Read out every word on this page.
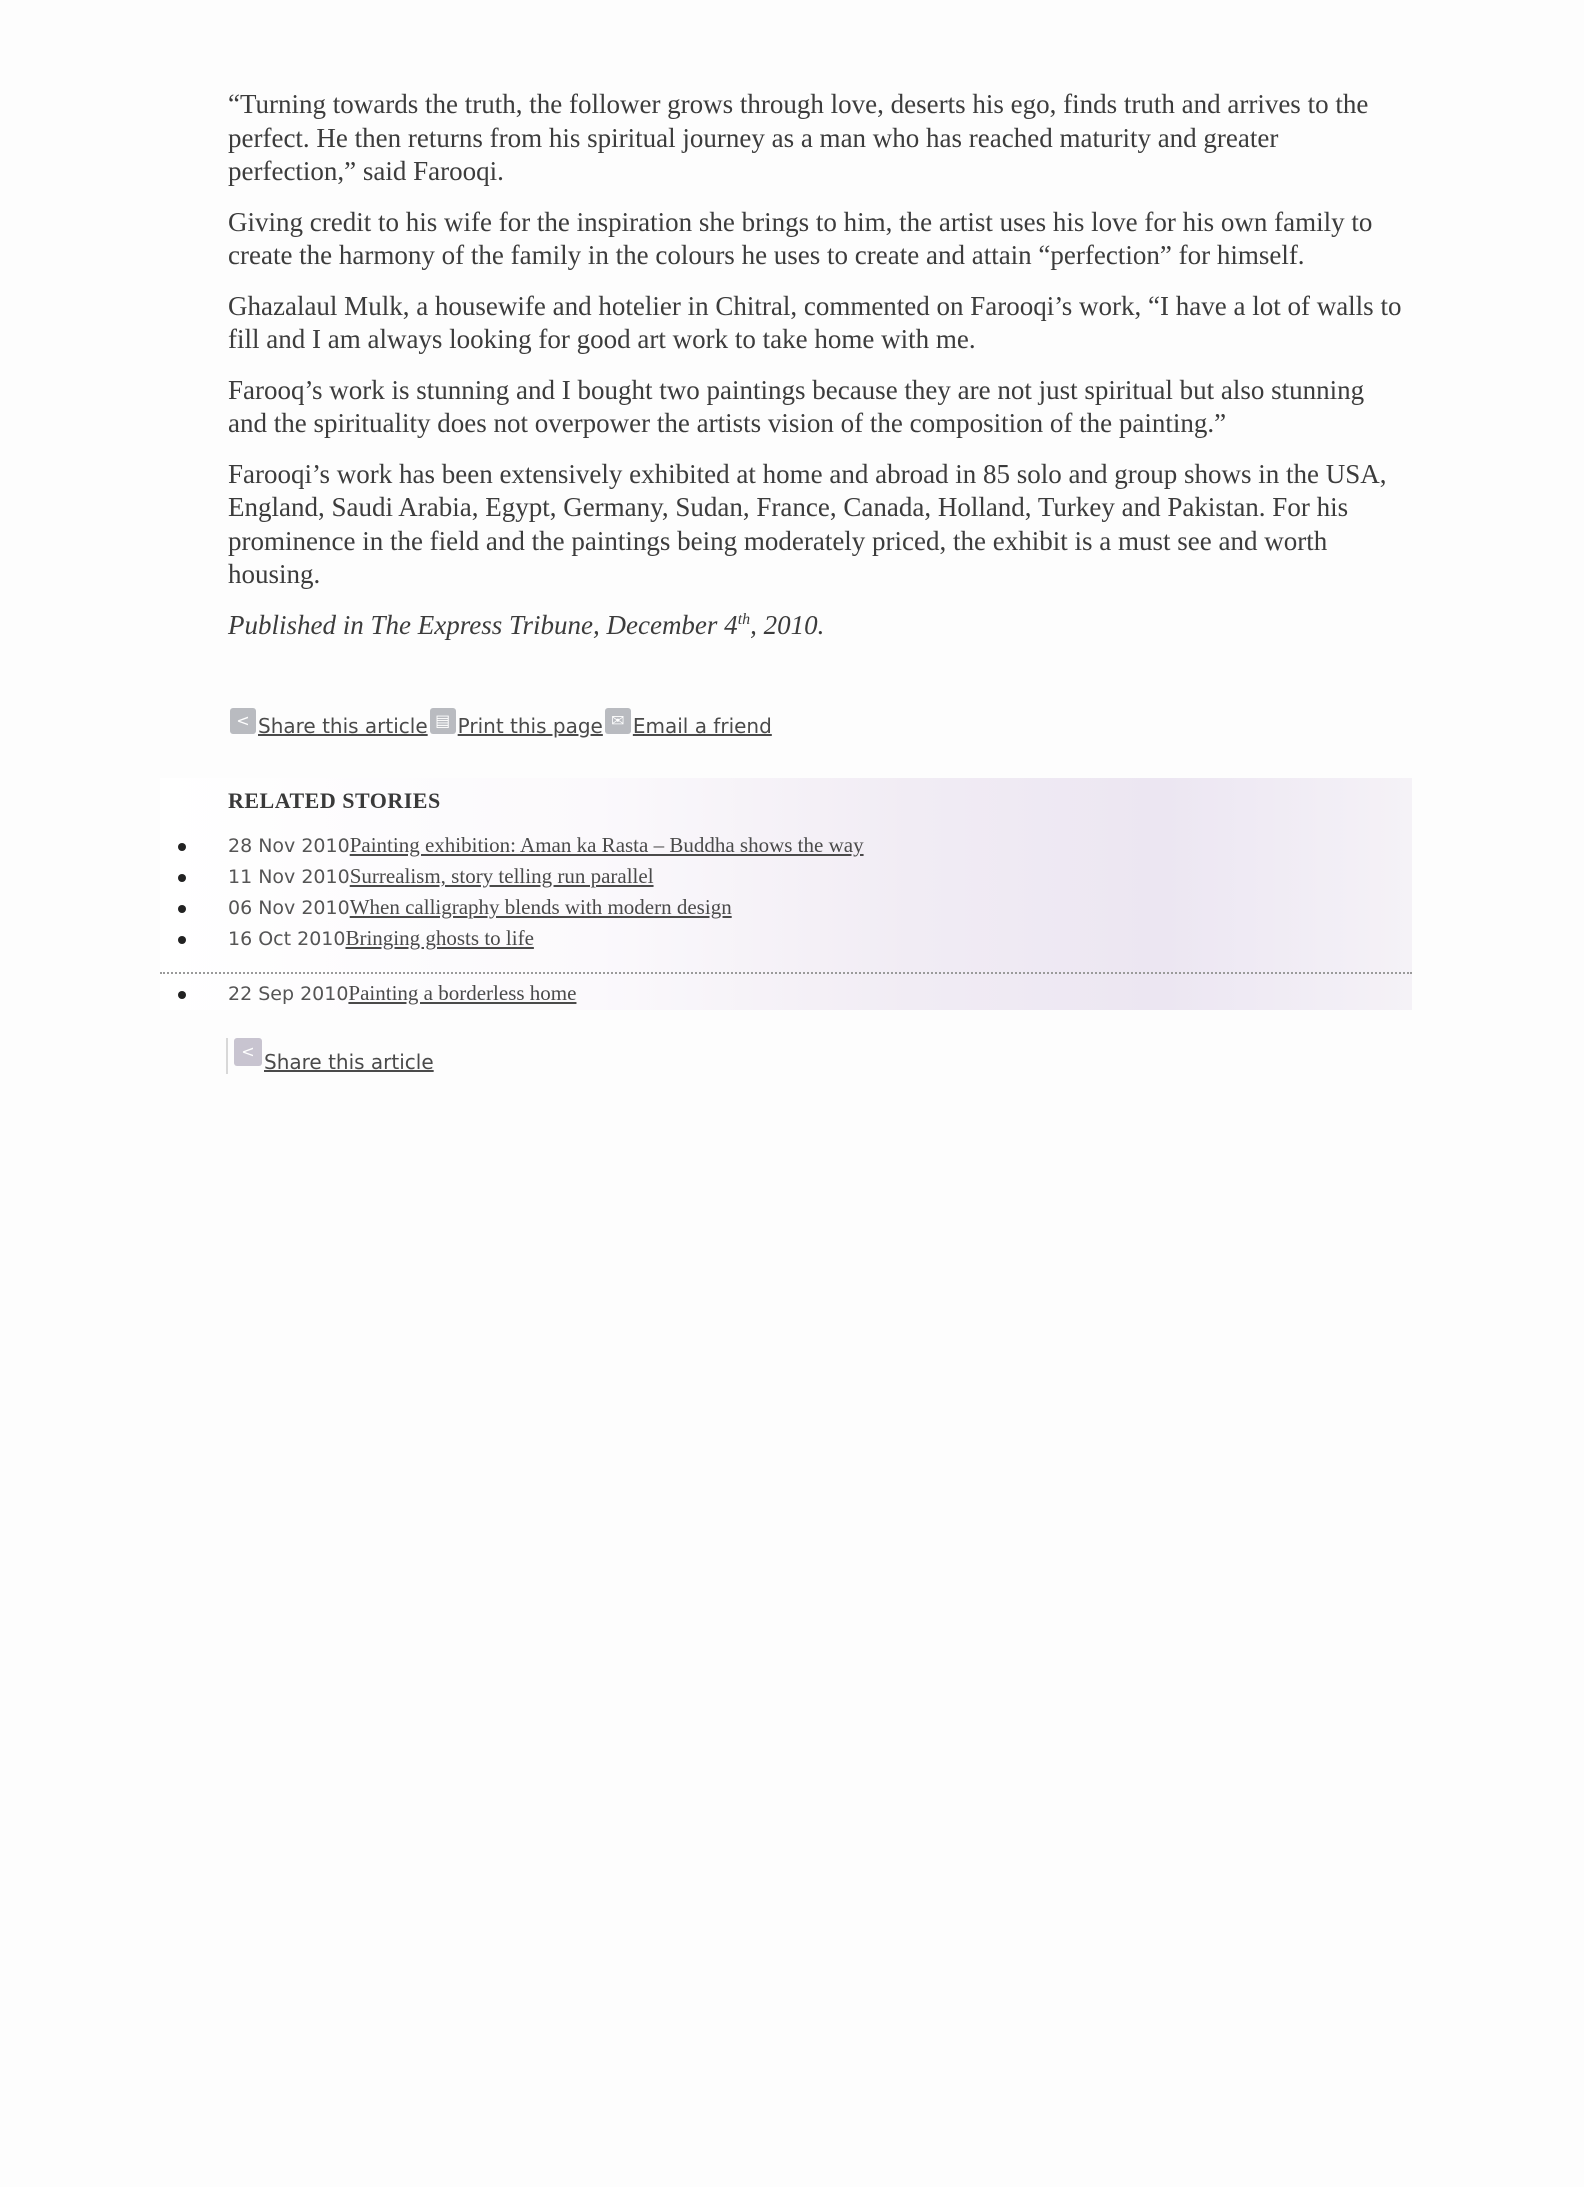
“Turning towards the truth, the follower grows through love, deserts his ego, finds truth and arrives to the perfect. He then returns from his spiritual journey as a man who has reached maturity and greater perfection,” said Farooqi.

Giving credit to his wife for the inspiration she brings to him, the artist uses his love for his own family to create the harmony of the family in the colours he uses to create and attain “perfection” for himself.

Ghazalaul Mulk, a housewife and hotelier in Chitral, commented on Farooqi’s work, “I have a lot of walls to fill and I am always looking for good art work to take home with me.

Farooq’s work is stunning and I bought two paintings because they are not just spiritual but also stunning and the spirituality does not overpower the artists vision of the composition of the painting.”

Farooqi’s work has been extensively exhibited at home and abroad in 85 solo and group shows in the USA, England, Saudi Arabia, Egypt, Germany, Sudan, France, Canada, Holland, Turkey and Pakistan. For his prominence in the field and the paintings being moderately priced, the exhibit is a must see and worth housing.

Published in The Express Tribune, December 4th, 2010.

< Share this article ▤ Print this page ✉ Email a friend
RELATED STORIES
28 Nov 2010Painting exhibition: Aman ka Rasta – Buddha shows the way
11 Nov 2010Surrealism, story telling run parallel
06 Nov 2010When calligraphy blends with modern design
16 Oct 2010Bringing ghosts to life
22 Sep 2010Painting a borderless home
< Share this article
